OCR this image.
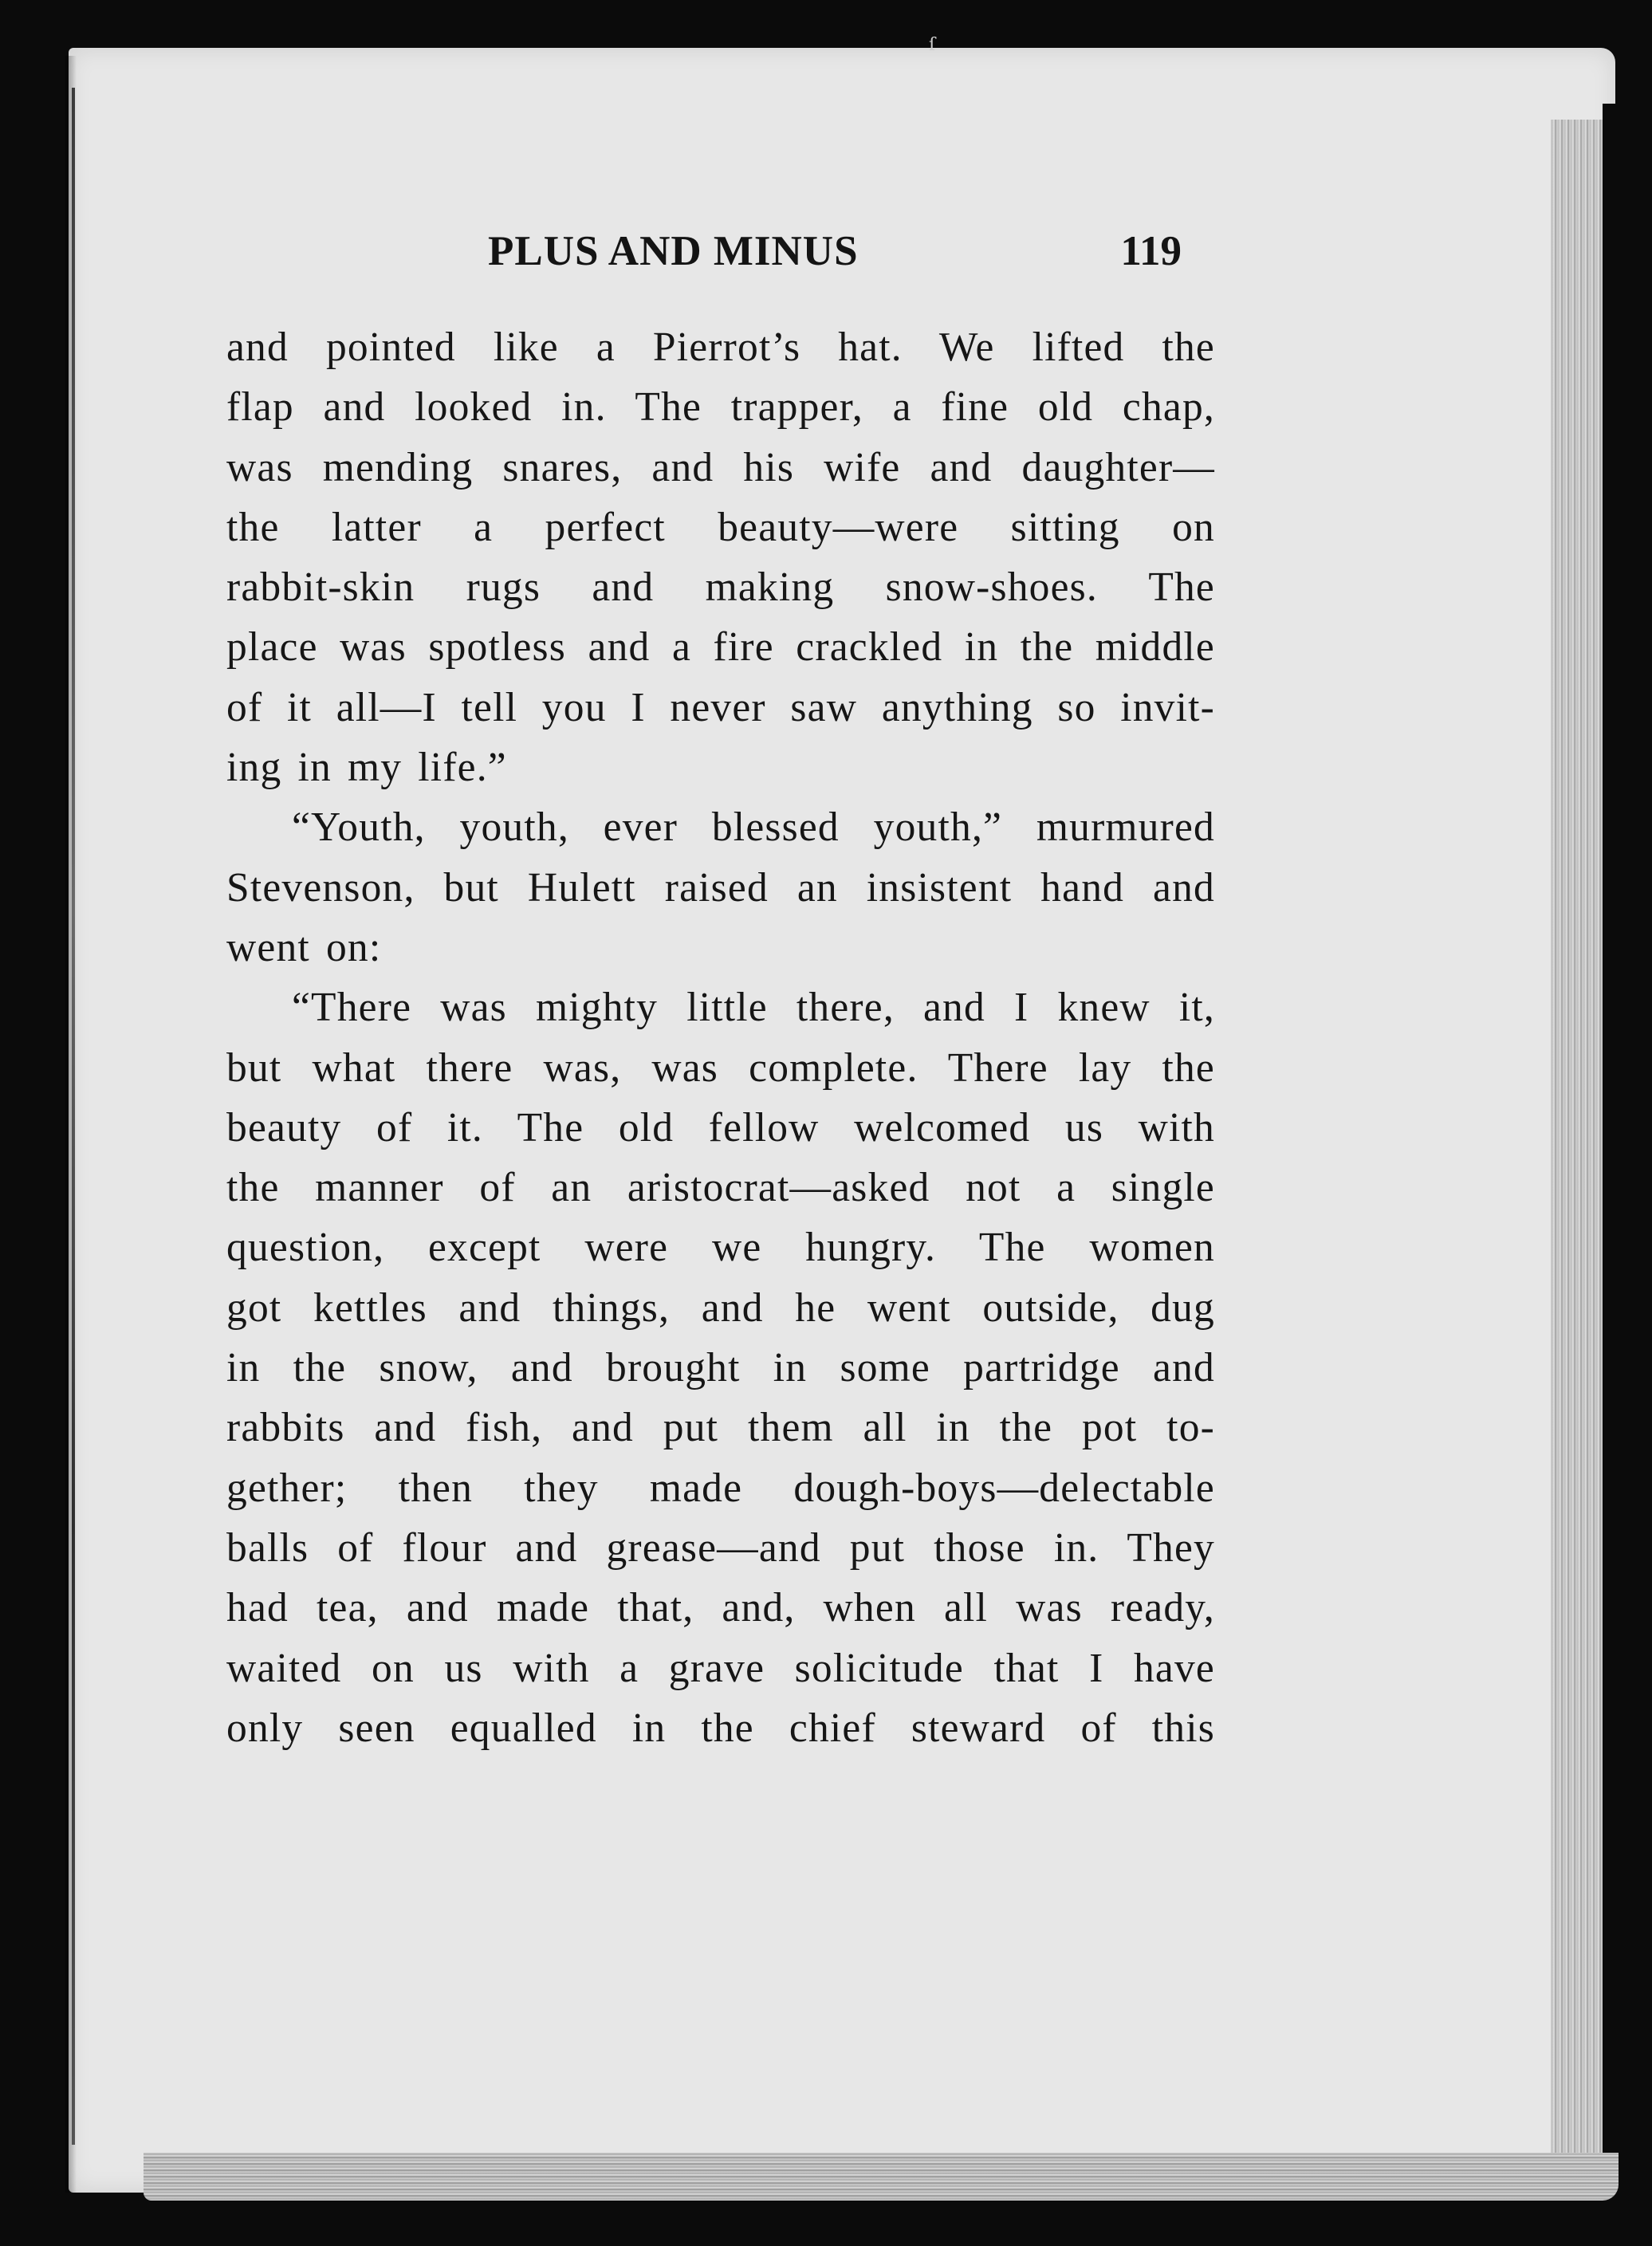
ſ
PLUS AND MINUS	119
and pointed like a Pierrot’s hat. We lifted the
flap and looked in. The trapper, a fine old chap,
was mending snares, and his wife and daughter—
the latter a perfect beauty—were sitting on
rabbit-skin rugs and making snow-shoes. The
place was spotless and a fire crackled in the middle
of it all—I tell you I never saw anything so invit-
ing in my life.”
“Youth, youth, ever blessed youth,” murmured
Stevenson, but Hulett raised an insistent hand and
went on:
“There was mighty little there, and I knew it,
but what there was, was complete. There lay the
beauty of it. The old fellow welcomed us with
the manner of an aristocrat—asked not a single
question, except were we hungry. The women
got kettles and things, and he went outside, dug
in the snow, and brought in some partridge and
rabbits and fish, and put them all in the pot to-
gether; then they made dough-boys—delectable
balls of flour and grease—and put those in. They
had tea, and made that, and, when all was ready,
waited on us with a grave solicitude that I have
only seen equalled in the chief steward of this
